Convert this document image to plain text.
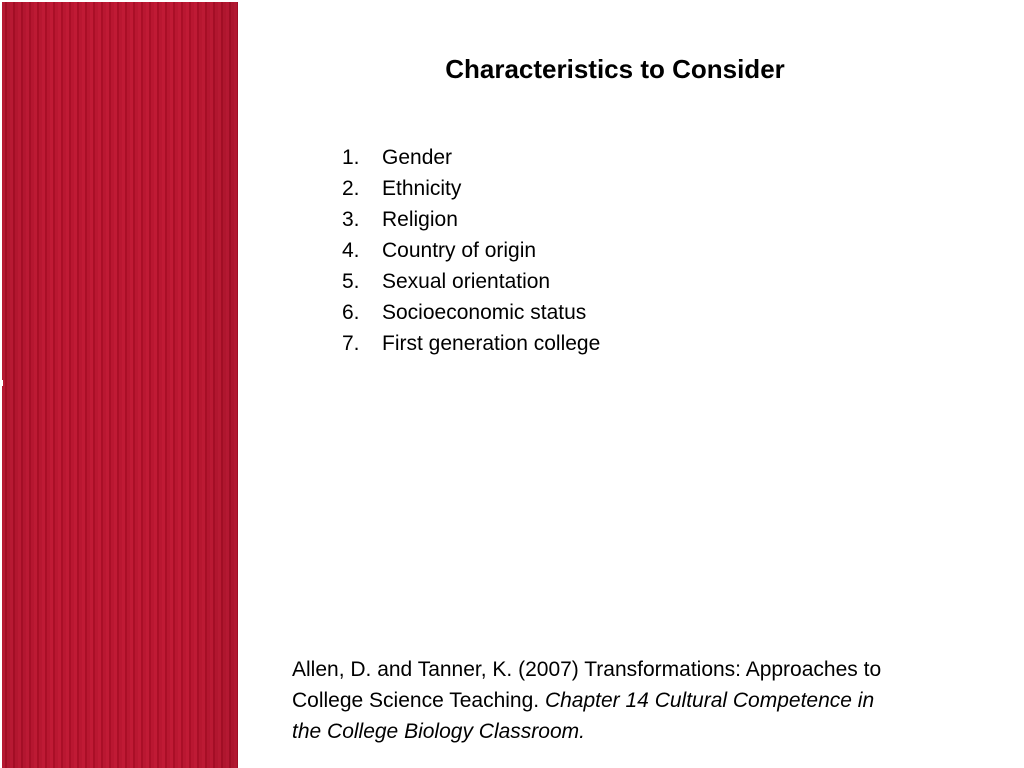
Characteristics to Consider
1.	Gender
2.	Ethnicity
3.	Religion
4.	Country of origin
5.	Sexual orientation
6.	Socioeconomic status
7.	First generation college
Allen, D. and Tanner, K. (2007) Transformations: Approaches to
College Science Teaching. Chapter 14 Cultural Competence in
the College Biology Classroom.
